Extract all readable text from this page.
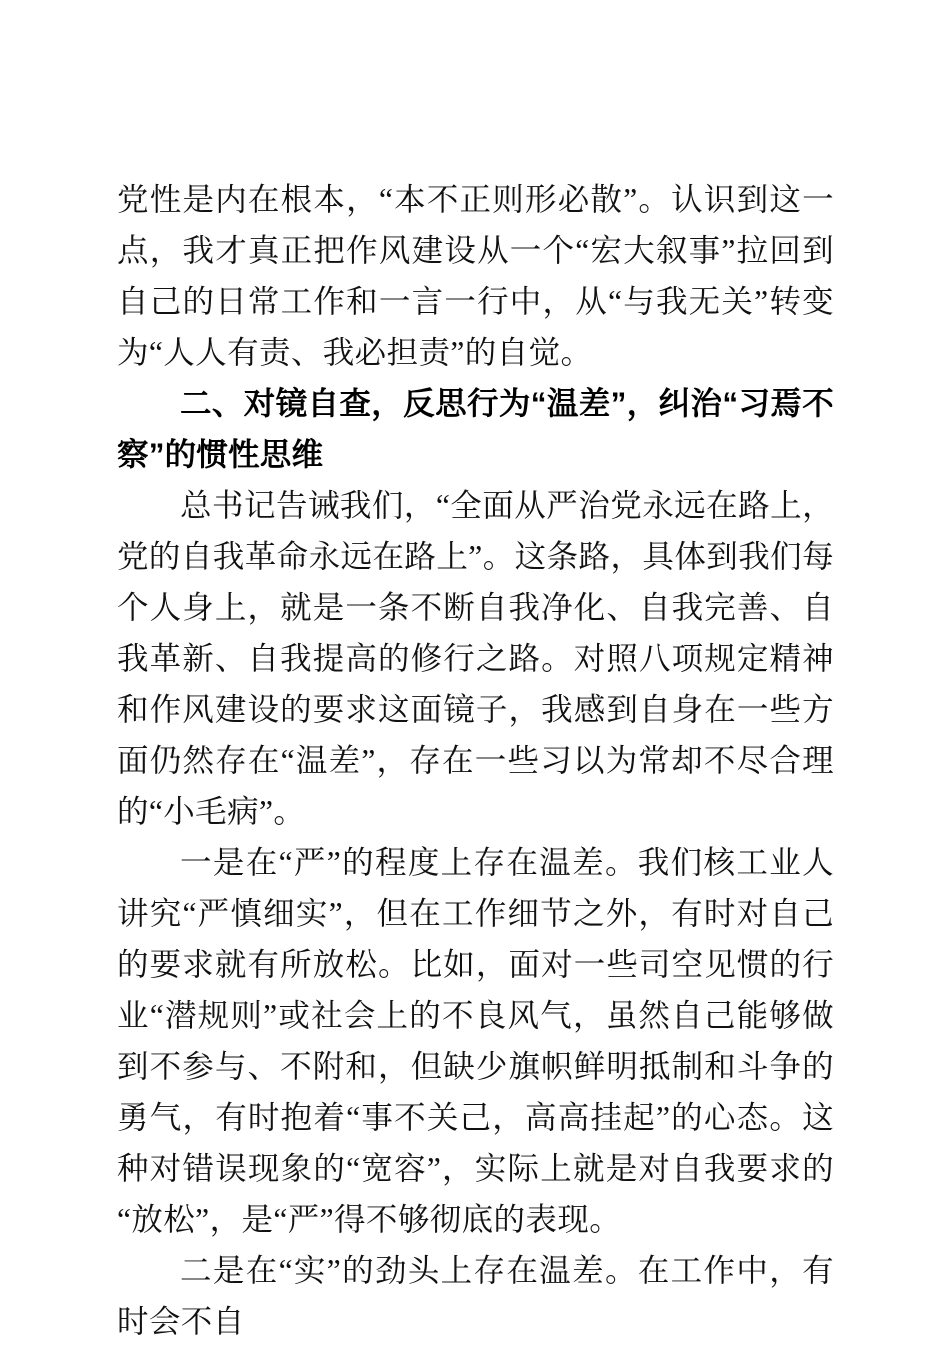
党性是内在根本，“本不正则形必散”。认识到这一点，我才真正把作风建设从一个“宏大叙事”拉回到自己的日常工作和一言一行中，从“与我无关”转变为“人人有责、我必担责”的自觉。

二、对镜自查，反思行为“温差”，纠治“习焉不察”的惯性思维

总书记告诫我们，“全面从严治党永远在路上，党的自我革命永远在路上”。这条路，具体到我们每个人身上，就是一条不断自我净化、自我完善、自我革新、自我提高的修行之路。对照八项规定精神和作风建设的要求这面镜子，我感到自身在一些方面仍然存在“温差”，存在一些习以为常却不尽合理的“小毛病”。

一是在“严”的程度上存在温差。我们核工业人讲究“严慎细实”，但在工作细节之外，有时对自己的要求就有所放松。比如，面对一些司空见惯的行业“潜规则”或社会上的不良风气，虽然自己能够做到不参与、不附和，但缺少旗帜鲜明抵制和斗争的勇气，有时抱着“事不关己，高高挂起”的心态。这种对错误现象的“宽容”，实际上就是对自我要求的“放松”，是“严”得不够彻底的表现。

二是在“实”的劲头上存在温差。在工作中，有时会不自
